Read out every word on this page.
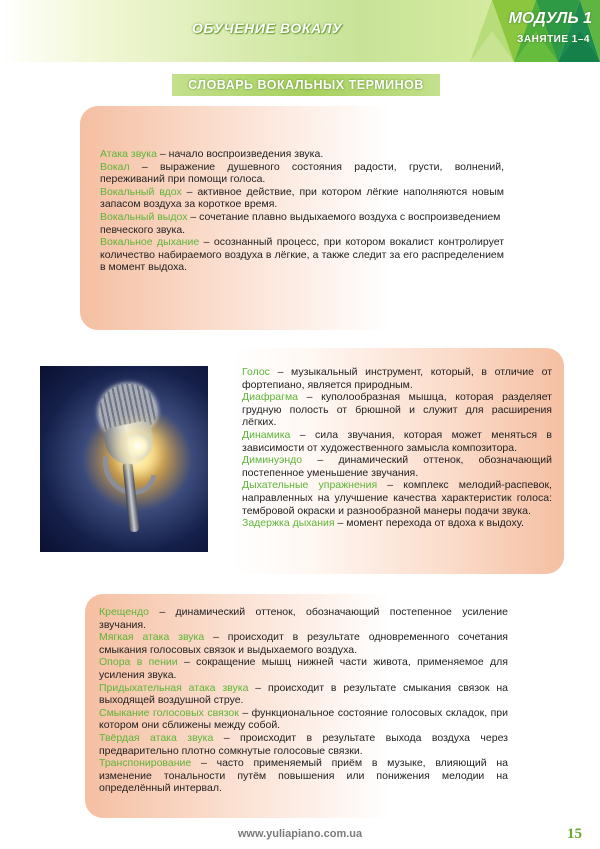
ОБУЧЕНИЕ ВОКАЛУ
МОДУЛЬ 1
ЗАНЯТИЕ 1–4
СЛОВАРЬ ВОКАЛЬНЫХ ТЕРМИНОВ
Атака звука – начало воспроизведения звука.
Вокал – выражение душевного состояния радости, грусти, волнений, переживаний при помощи голоса.
Вокальный вдох – активное действие, при котором лёгкие наполняются новым запасом воздуха за короткое время.
Вокальный выдох – сочетание плавно выдыхаемого воздуха с воспроизведением певческого звука.
Вокальное дыхание – осознанный процесс, при котором вокалист контролирует количество набираемого воздуха в лёгкие, а также следит за его распределением в момент выдоха.
Голос – музыкальный инструмент, который, в отличие от фортепиано, является природным.
Диафрагма – куполообразная мышца, которая разделяет грудную полость от брюшной и служит для расширения лёгких.
Динамика – сила звучания, которая может меняться в зависимости от художественного замысла композитора.
Диминуэндо – динамический оттенок, обозначающий постепенное уменьшение звучания.
Дыхательные упражнения – комплекс мелодий-распевок, направленных на улучшение качества характеристик голоса: тембровой окраски и разнообразной манеры подачи звука.
Задержка дыхания – момент перехода от вдоха к выдоху.
Крещендо – динамический оттенок, обозначающий постепенное усиление звучания.
Мягкая атака звука – происходит в результате одновременного сочетания смыкания голосовых связок и выдыхаемого воздуха.
Опора в пении – сокращение мышц нижней части живота, применяемое для усиления звука.
Придыхательная атака звука – происходит в результате смыкания связок на выходящей воздушной струе.
Смыкание голосовых связок – функциональное состояние голосовых складок, при котором они сближены между собой.
Твёрдая атака звука – происходит в результате выхода воздуха через предварительно плотно сомкнутые голосовые связки.
Транспонирование – часто применяемый приём в музыке, влияющий на изменение тональности путём повышения или понижения мелодии на определённый интервал.
www.yuliapiano.com.ua	15
